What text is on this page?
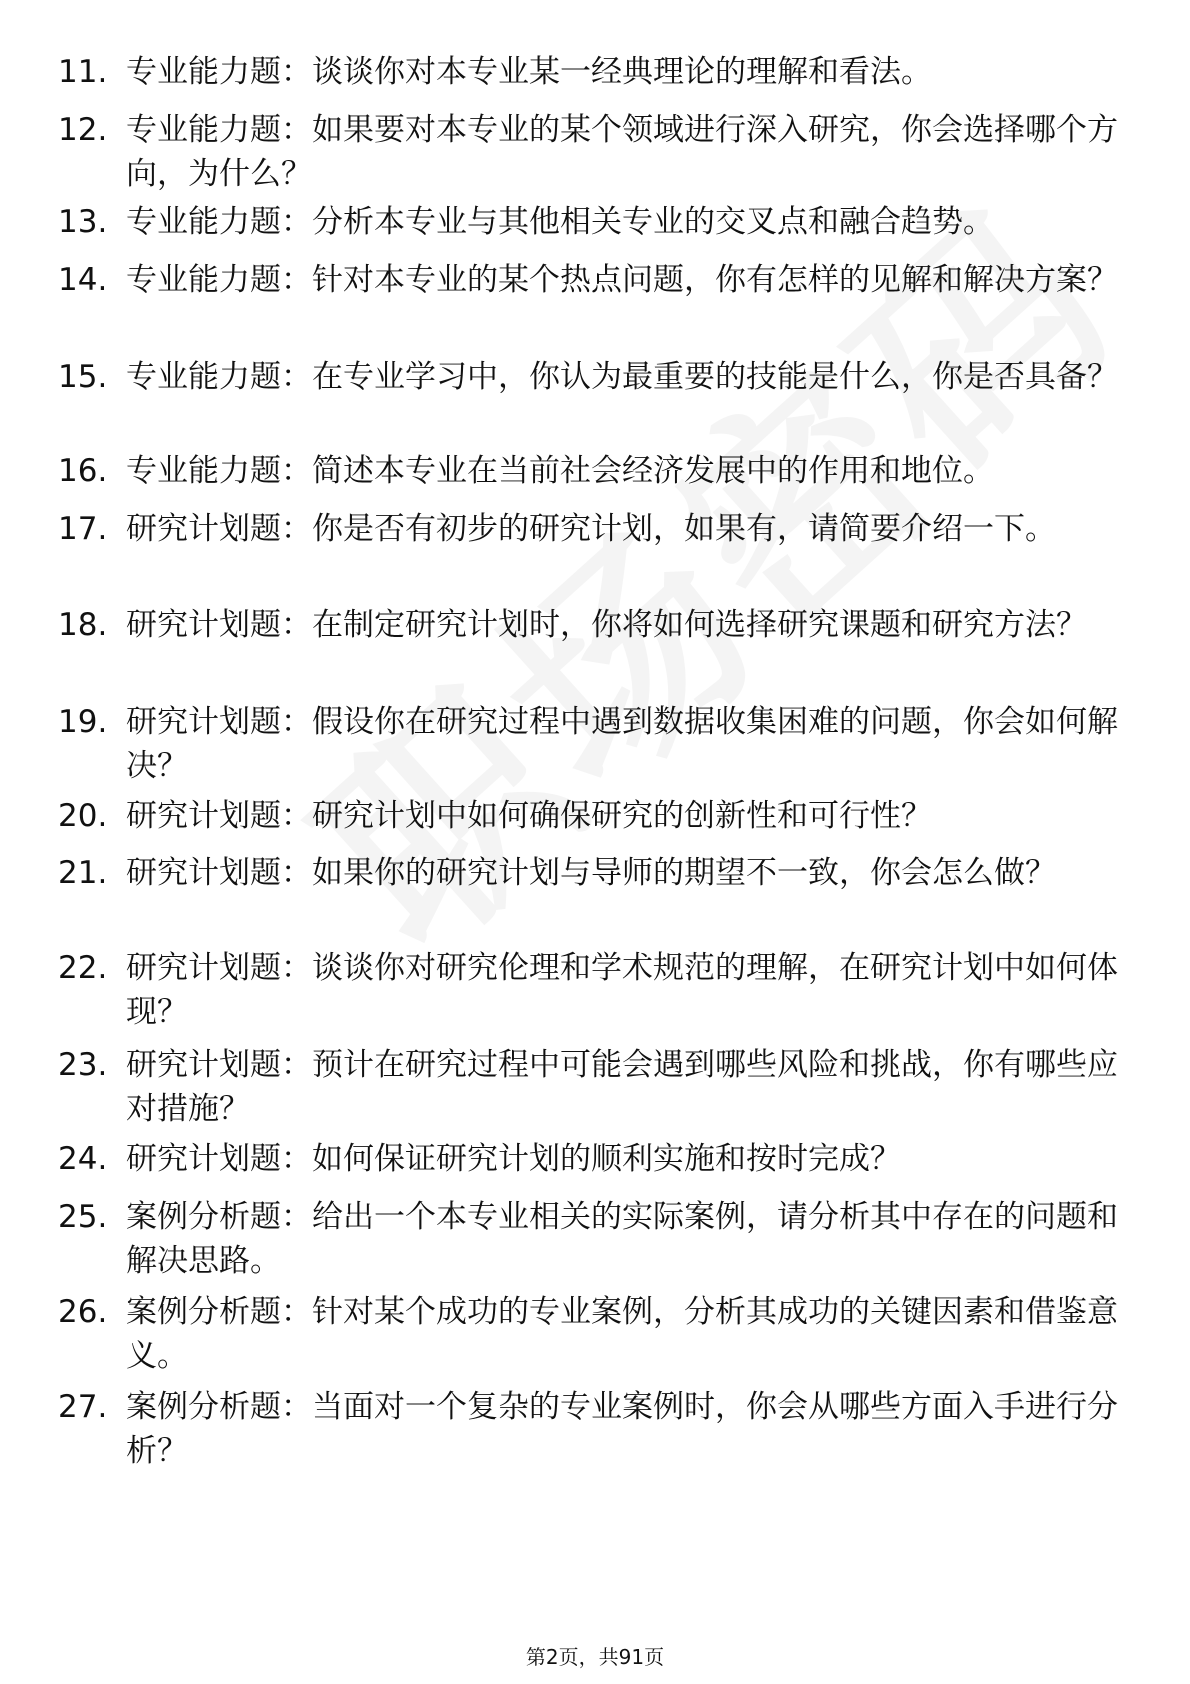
11. 专业能力题：谈谈你对本专业某一经典理论的理解和看法。
12. 专业能力题：如果要对本专业的某个领域进行深入研究，你会选择哪个方向，为什么？
13. 专业能力题：分析本专业与其他相关专业的交叉点和融合趋势。
14. 专业能力题：针对本专业的某个热点问题，你有怎样的见解和解决方案？
15. 专业能力题：在专业学习中，你认为最重要的技能是什么，你是否具备？
16. 专业能力题：简述本专业在当前社会经济发展中的作用和地位。
17. 研究计划题：你是否有初步的研究计划，如果有，请简要介绍一下。
18. 研究计划题：在制定研究计划时，你将如何选择研究课题和研究方法？
19. 研究计划题：假设你在研究过程中遇到数据收集困难的问题，你会如何解决？
20. 研究计划题：研究计划中如何确保研究的创新性和可行性？
21. 研究计划题：如果你的研究计划与导师的期望不一致，你会怎么做？
22. 研究计划题：谈谈你对研究伦理和学术规范的理解，在研究计划中如何体现？
23. 研究计划题：预计在研究过程中可能会遇到哪些风险和挑战，你有哪些应对措施？
24. 研究计划题：如何保证研究计划的顺利实施和按时完成？
25. 案例分析题：给出一个本专业相关的实际案例，请分析其中存在的问题和解决思路。
26. 案例分析题：针对某个成功的专业案例，分析其成功的关键因素和借鉴意义。
27. 案例分析题：当面对一个复杂的专业案例时，你会从哪些方面入手进行分析？
第2页，共91页
